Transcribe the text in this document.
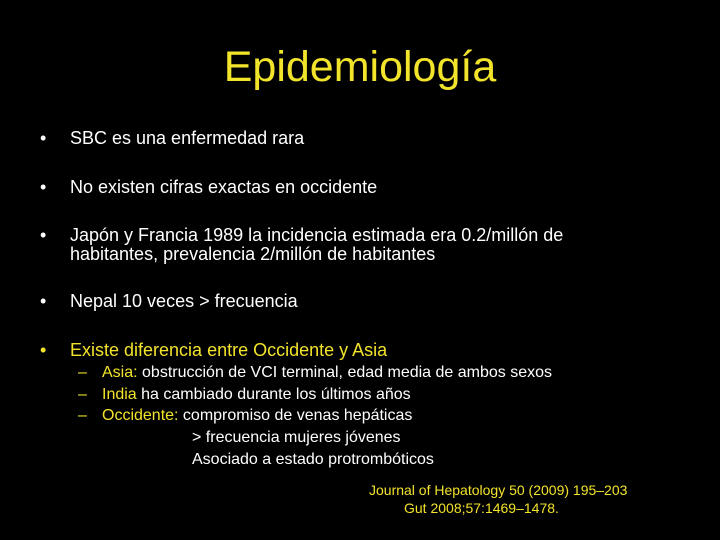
Epidemiología
•	SBC es una enfermedad rara
•	No existen cifras exactas en occidente
•	Japón y Francia 1989 la incidencia estimada era 0.2/millón de
habitantes, prevalencia 2/millón de habitantes
•	Nepal 10 veces > frecuencia
•	Existe diferencia entre Occidente y Asia
– Asia: obstrucción de VCI terminal, edad media de ambos sexos
– India ha cambiado durante los últimos años
– Occidente: compromiso de venas hepáticas
> frecuencia mujeres jóvenes
Asociado a estado protrombóticos
Journal of Hepatology 50 (2009) 195–203
Gut 2008;57:1469–1478.
